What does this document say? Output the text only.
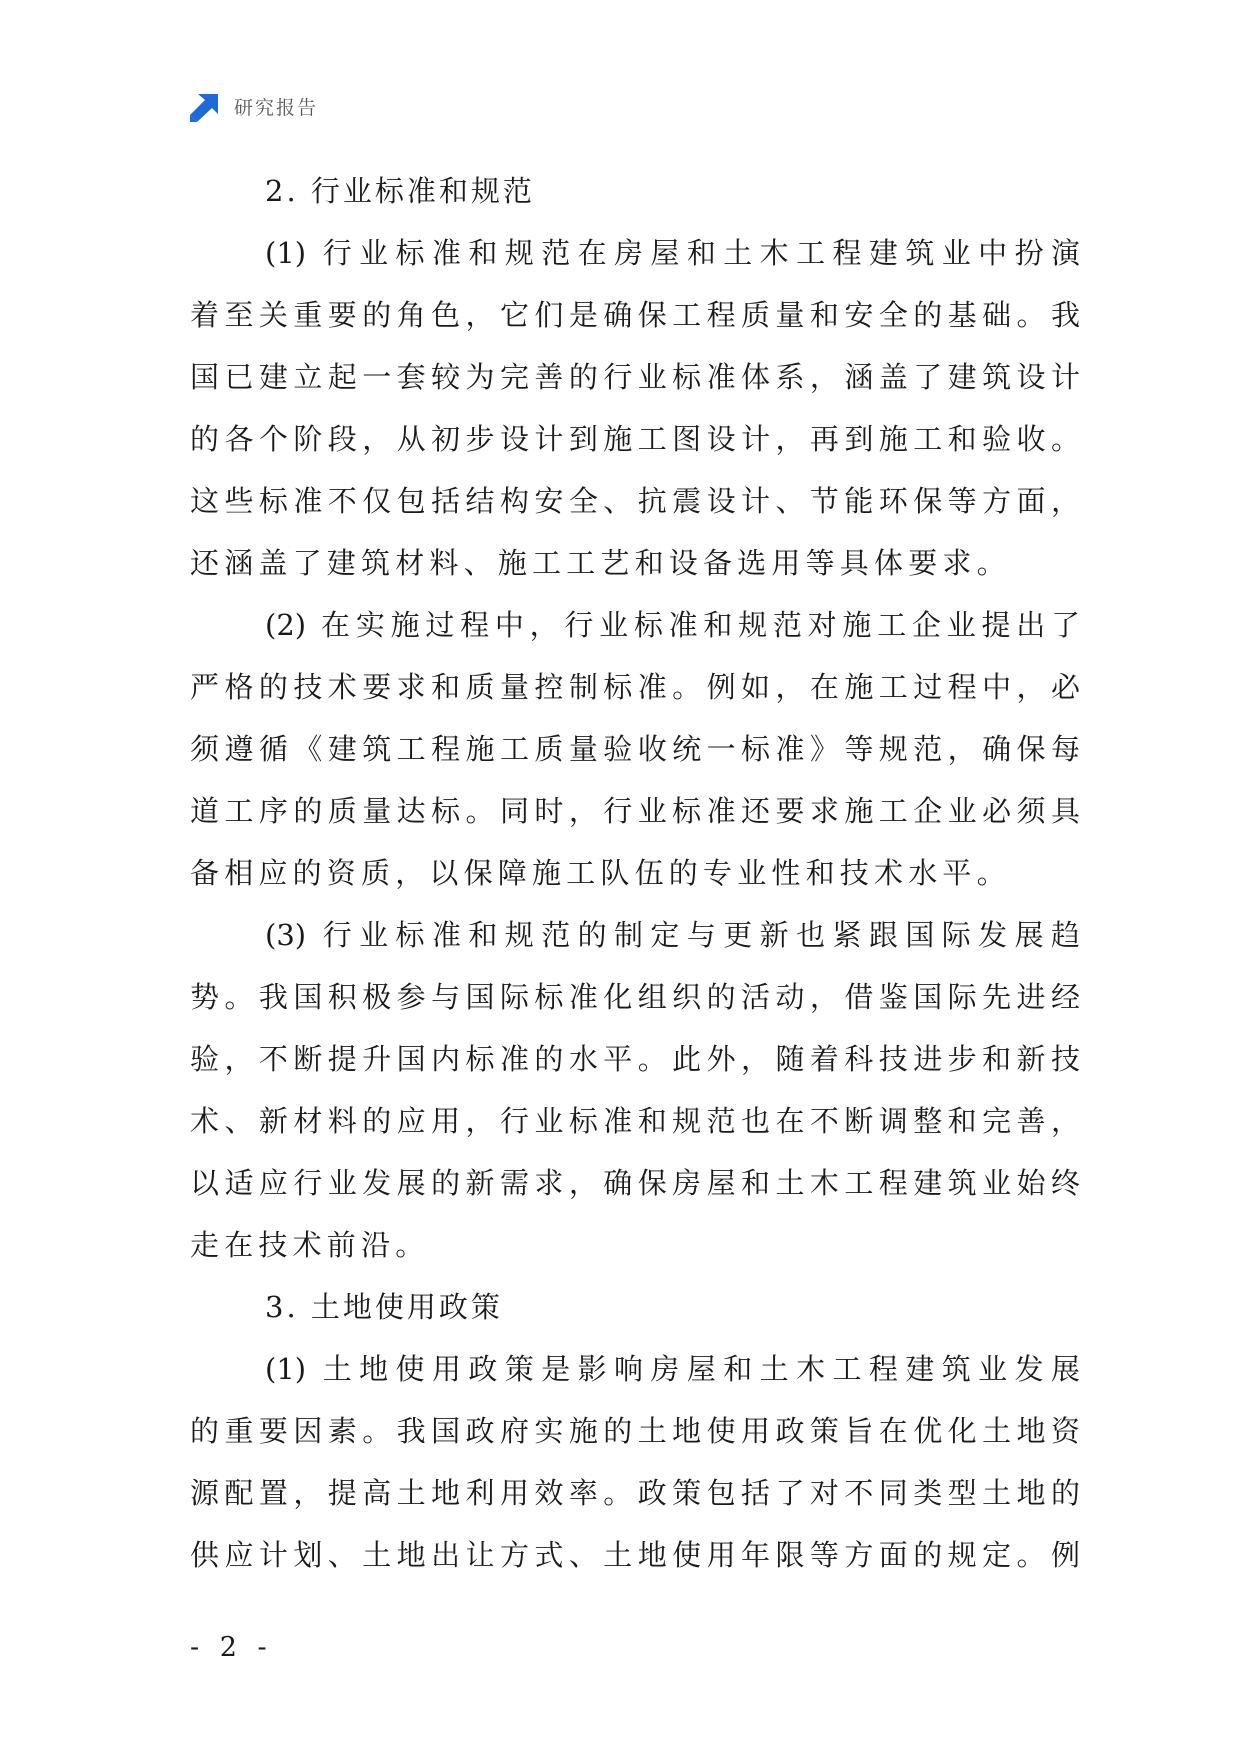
研究报告
2. 行业标准和规范
(1) 行业标准和规范在房屋和土木工程建筑业中扮演
着至关重要的角色，它们是确保工程质量和安全的基础。我
国已建立起一套较为完善的行业标准体系，涵盖了建筑设计
的各个阶段，从初步设计到施工图设计，再到施工和验收。
这些标准不仅包括结构安全、抗震设计、节能环保等方面，
还涵盖了建筑材料、施工工艺和设备选用等具体要求。
(2) 在实施过程中，行业标准和规范对施工企业提出了
严格的技术要求和质量控制标准。例如，在施工过程中，必
须遵循《建筑工程施工质量验收统一标准》等规范，确保每
道工序的质量达标。同时，行业标准还要求施工企业必须具
备相应的资质，以保障施工队伍的专业性和技术水平。
(3) 行业标准和规范的制定与更新也紧跟国际发展趋
势。我国积极参与国际标准化组织的活动，借鉴国际先进经
验，不断提升国内标准的水平。此外，随着科技进步和新技
术、新材料的应用，行业标准和规范也在不断调整和完善，
以适应行业发展的新需求，确保房屋和土木工程建筑业始终
走在技术前沿。
3. 土地使用政策
(1) 土地使用政策是影响房屋和土木工程建筑业发展
的重要因素。我国政府实施的土地使用政策旨在优化土地资
源配置，提高土地利用效率。政策包括了对不同类型土地的
供应计划、土地出让方式、土地使用年限等方面的规定。例
- 2 -
